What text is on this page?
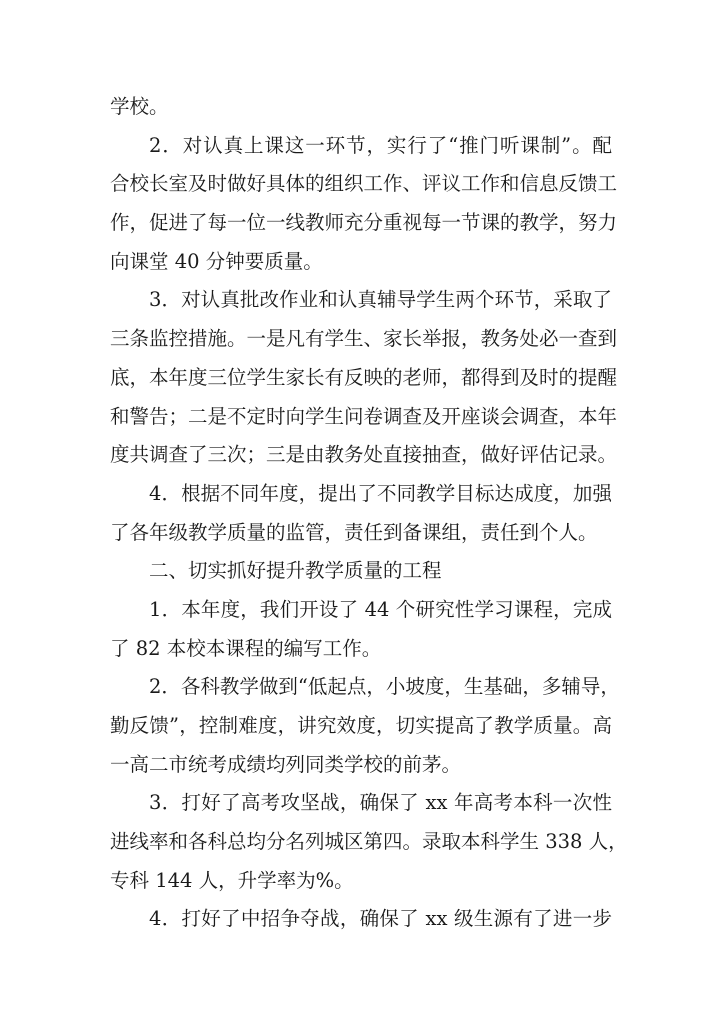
学校。
2．对认真上课这一环节，实行了“推门听课制”。配
合校长室及时做好具体的组织工作、评议工作和信息反馈工
作，促进了每一位一线教师充分重视每一节课的教学，努力
向课堂 40 分钟要质量。
3．对认真批改作业和认真辅导学生两个环节，采取了
三条监控措施。一是凡有学生、家长举报，教务处必一查到
底，本年度三位学生家长有反映的老师，都得到及时的提醒
和警告；二是不定时向学生问卷调查及开座谈会调查，本年
度共调查了三次；三是由教务处直接抽查，做好评估记录。
4．根据不同年度，提出了不同教学目标达成度，加强
了各年级教学质量的监管，责任到备课组，责任到个人。
二、切实抓好提升教学质量的工程
1．本年度，我们开设了 44 个研究性学习课程，完成
了 82 本校本课程的编写工作。
2．各科教学做到“低起点，小坡度，生基础，多辅导，
勤反馈”，控制难度，讲究效度，切实提高了教学质量。高
一高二市统考成绩均列同类学校的前茅。
3．打好了高考攻坚战，确保了 xx 年高考本科一次性
进线率和各科总均分名列城区第四。录取本科学生 338 人，
专科 144 人，升学率为%。
4．打好了中招争夺战，确保了 xx 级生源有了进一步
